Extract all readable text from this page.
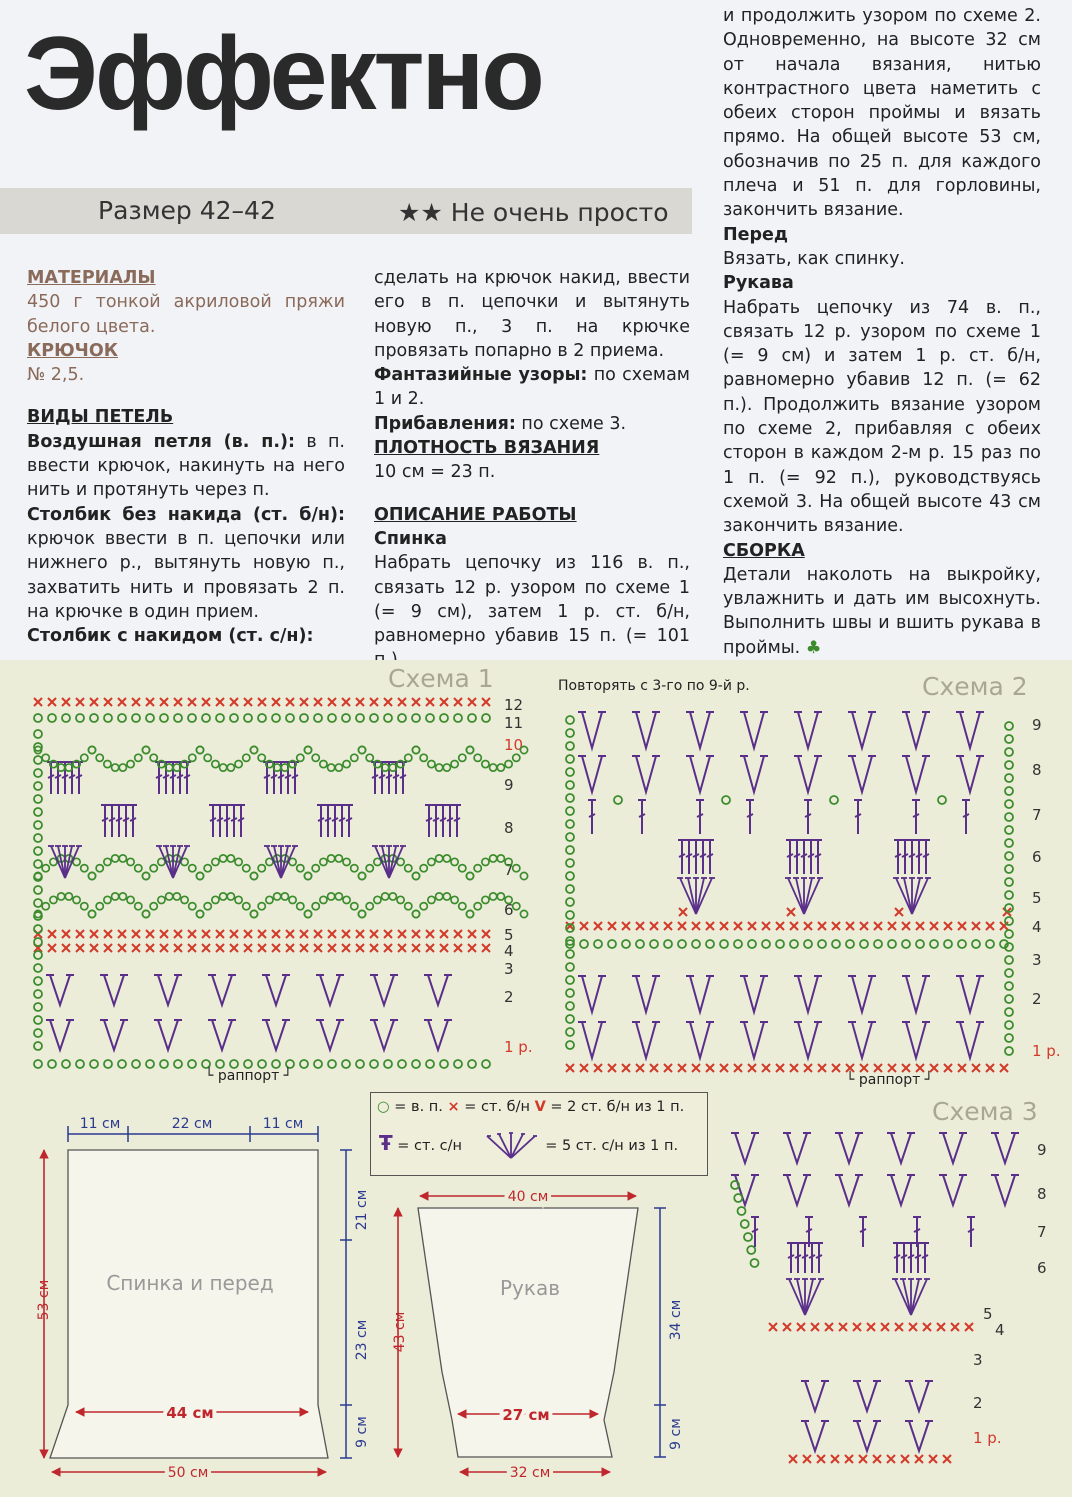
Эффектно
Размер 42–42	★★ Не очень просто

МАТЕРИАЛЫ

450 г тонкой акриловой пряжи белого цвета.

КРЮЧОК

№ 2,5.

ВИДЫ ПЕТЕЛЬ

Воздушная петля (в. п.): в п. ввести крючок, накинуть на него нить и протянуть через п.

Столбик без накида (ст. б/н): крючок ввести в п. цепочки или нижнего р., вытянуть новую п., захватить нить и провязать 2 п. на крючке в один прием.

Столбик с накидом (ст. с/н):

сделать на крючок накид, ввести его в п. цепочки и вытянуть новую п., 3 п. на крючке провязать попарно в 2 приема.

Фантазийные узоры: по схемам 1 и 2.

Прибавления: по схеме 3.

ПЛОТНОСТЬ ВЯЗАНИЯ

10 см = 23 п.

ОПИСАНИЕ РАБОТЫ

Спинка

Набрать цепочку из 116 в. п., связать 12 р. узором по схеме 1 (= 9 см), затем 1 р. ст. б/н, равномерно убавив 15 п. (= 101

и продолжить узором по схеме 2. Одновременно, на высоте 32 см от начала вязания, нитью контрастного цвета наметить с обеих сторон проймы и вязать прямо. На общей высоте 53 см, обозначив по 25 п. для каждого плеча и 51 п. для горловины, закончить вязание.

Перед

Вязать, как спинку.

Рукава

Набрать цепочку из 74 в. п., связать 12 р. узором по схеме 1 (= 9 см) и затем 1 р. ст. б/н, равномерно убавив 12 п. (= 62 п.). Продолжить вязание узором по схеме 2, прибавляя с обеих сторон в каждом 2-м р. 15 раз по 1 п. (= 92 п.), руководствуясь схемой 3. На общей высоте 43 см закончить вязание.

СБОРКА

Детали наколоть на выкройку, увлажнить и дать им высохнуть. Выполнить швы и вшить рукава в проймы. ♣

Схема 1
12
11
10
9
8
7
6
5
4
3
2
1 р.
└ раппорт ┘
Повторять с 3-го по 9-й р.	Схема 2
9
8
7
6
5
4
3
2
1 р.
└ раппорт ┘
○ = в. п. × = ст. б/н V = 2 ст. б/н из 1 п.
Ŧ = ст. с/н	= 5 ст. с/н из 1 п.
Схема 3
9
8
7
6
5
4
3
2
1 р.
Спинка и перед
11 см	22 см	11 см
53 см
21 см
23 см
9 см
44 см
50 см
Рукав
40 см
43 см	34 см
9 см
27 см
32 см
